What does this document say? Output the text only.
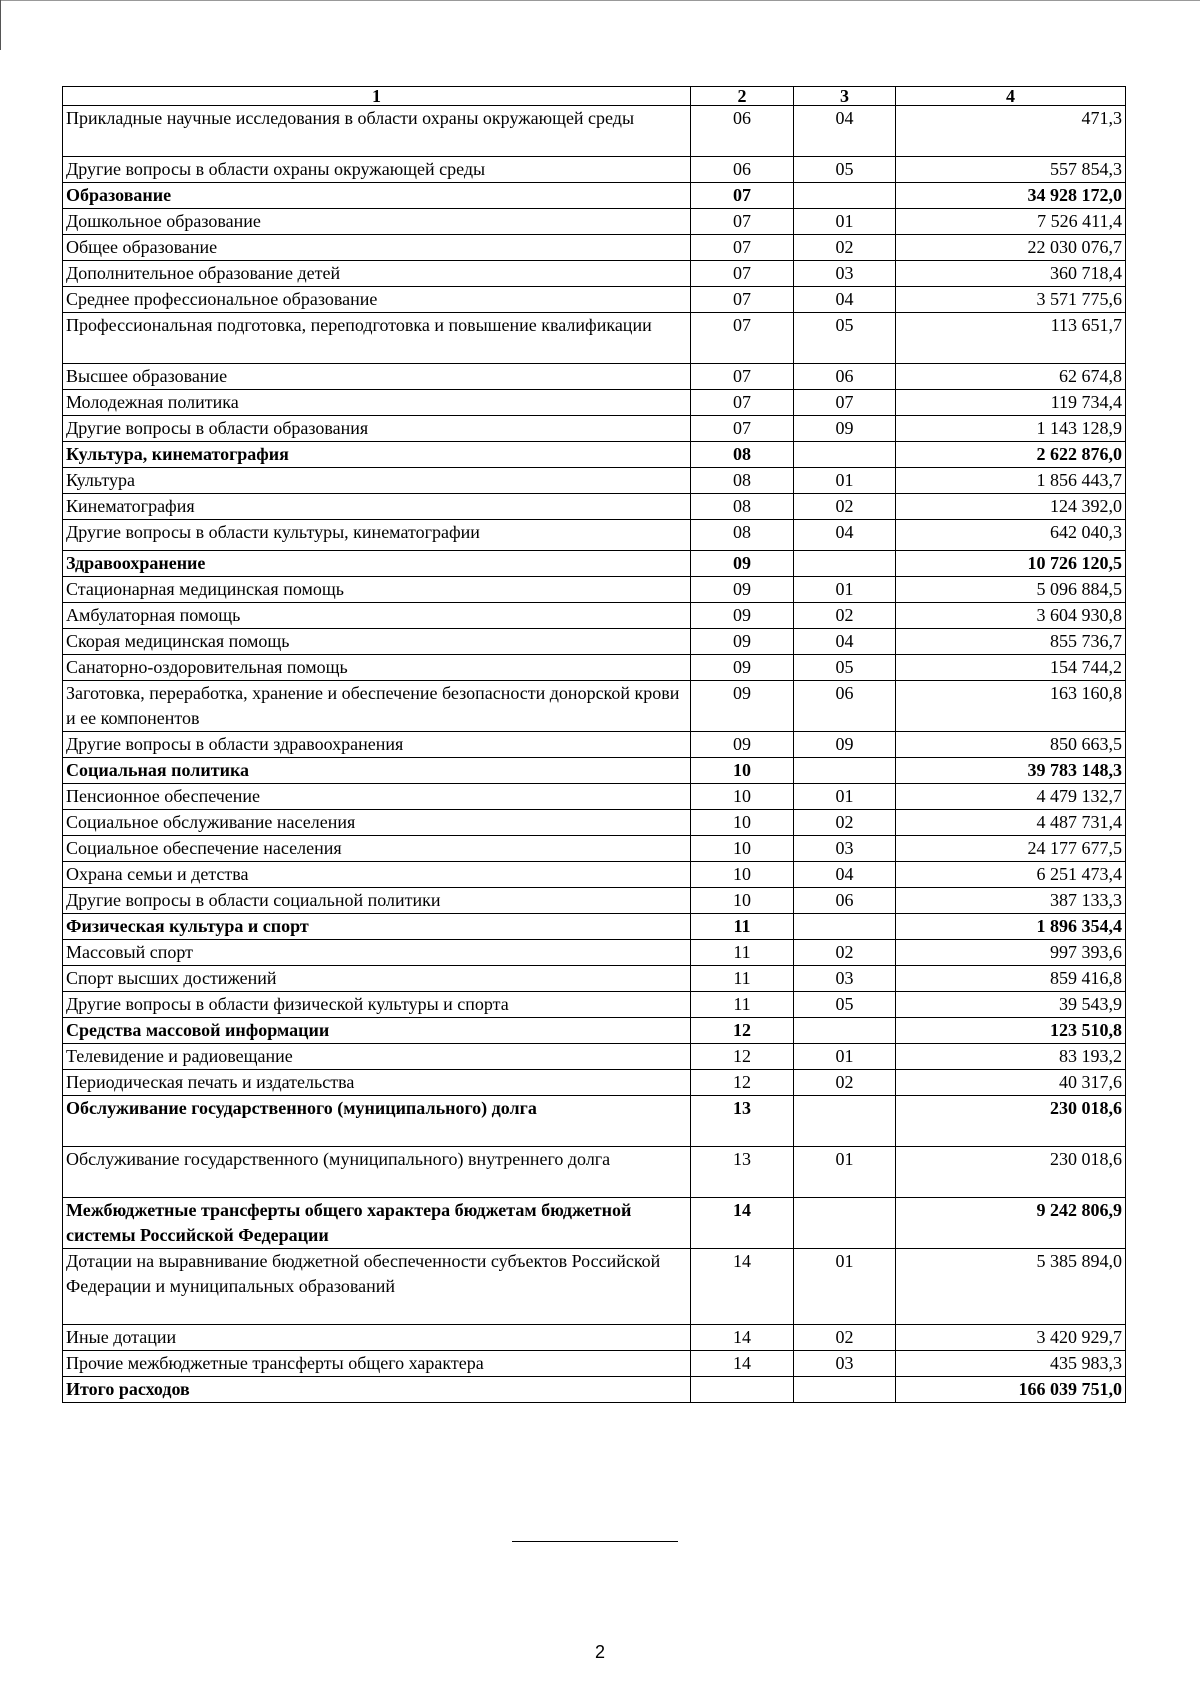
1	2	3	4
Прикладные научные исследования в области охраны окружающей среды	06	04	471,3
Другие вопросы в области охраны окружающей среды	06	05	557 854,3
Образование	07		34 928 172,0
Дошкольное образование	07	01	7 526 411,4
Общее образование	07	02	22 030 076,7
Дополнительное образование детей	07	03	360 718,4
Среднее профессиональное образование	07	04	3 571 775,6
Профессиональная подготовка, переподготовка и повышение квалификации	07	05	113 651,7
Высшее образование	07	06	62 674,8
Молодежная политика	07	07	119 734,4
Другие вопросы в области образования	07	09	1 143 128,9
Культура, кинематография	08		2 622 876,0
Культура	08	01	1 856 443,7
Кинематография	08	02	124 392,0
Другие вопросы в области культуры, кинематографии	08	04	642 040,3
Здравоохранение	09		10 726 120,5
Стационарная медицинская помощь	09	01	5 096 884,5
Амбулаторная помощь	09	02	3 604 930,8
Скорая медицинская помощь	09	04	855 736,7
Санаторно-оздоровительная помощь	09	05	154 744,2
Заготовка, переработка, хранение и обеспечение безопасности донорской крови и ее компонентов	09	06	163 160,8
Другие вопросы в области здравоохранения	09	09	850 663,5
Социальная политика	10		39 783 148,3
Пенсионное обеспечение	10	01	4 479 132,7
Социальное обслуживание населения	10	02	4 487 731,4
Социальное обеспечение населения	10	03	24 177 677,5
Охрана семьи и детства	10	04	6 251 473,4
Другие вопросы в области социальной политики	10	06	387 133,3
Физическая культура и спорт	11		1 896 354,4
Массовый спорт	11	02	997 393,6
Спорт высших достижений	11	03	859 416,8
Другие вопросы в области физической культуры и спорта	11	05	39 543,9
Средства массовой информации	12		123 510,8
Телевидение и радиовещание	12	01	83 193,2
Периодическая печать и издательства	12	02	40 317,6
Обслуживание государственного (муниципального) долга	13		230 018,6
Обслуживание государственного (муниципального) внутреннего долга	13	01	230 018,6
Межбюджетные трансферты общего характера бюджетам бюджетной системы Российской Федерации	14		9 242 806,9
Дотации на выравнивание бюджетной обеспеченности субъектов Российской Федерации и муниципальных образований	14	01	5 385 894,0
Иные дотации	14	02	3 420 929,7
Прочие межбюджетные трансферты общего характера	14	03	435 983,3
Итого расходов			166 039 751,0
2
